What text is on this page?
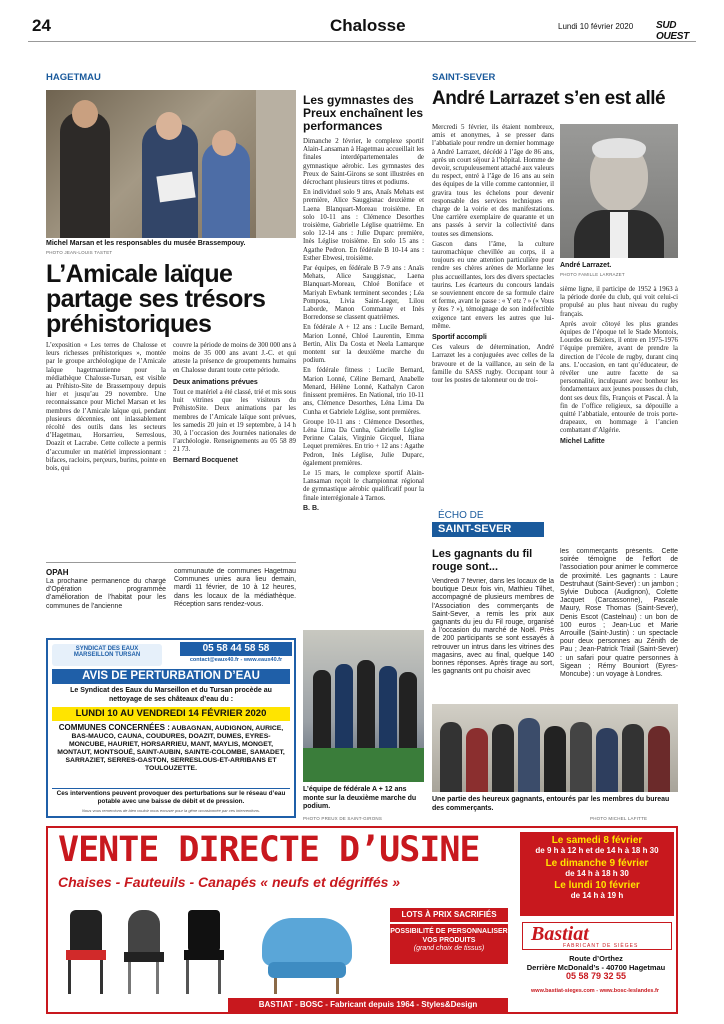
24	Chalosse	Lundi 10 février 2020 SUD OUEST
HAGETMAU
Michel Marsan et les responsables du musée Brassempouy.
PHOTO JEAN-LOUIS TASTET
L’Amicale laïque partage ses trésors préhistoriques
L’exposition « Les terres de Chalosse et leurs richesses préhistoriques », montée par le groupe archéologique de l’Amicale laïque hagetmautienne pour la médiathèque Chalosse-Tursan, est visible au Préhisto-Site de Brassempouy depuis hier et jusqu’au 29 novembre. Une reconnaissance pour Michel Marsan et les membres de l’Amicale laïque qui, pendant plusieurs décennies, ont inlassablement récolté des outils dans les secteurs d’Hagetmau, Horsarrieu, Serreslous, Doazit et Lacrabe. Cette collecte a permis d’accumuler un matériel impressionnant : bifaces, racloirs, perçeurs, burins, pointe en bois, qui

couvre la période de moins de 300 000 ans à moins de 35 000 ans avant J.-C. et qui atteste la présence de groupements humains en Chalosse durant toute cette période.

Deux animations prévues

Tout ce matériel a été classé, trié et mis sous huit vitrines que les visiteurs du PréhistoSite. Deux animations par les membres de l’Amicale laïque sont prévues, les samedis 20 juin et 19 septembre, à 14 h 30, à l’occasion des Journées nationales de l’archéologie. Renseignements au 05 58 89 21 73.

Bernard Bocquenet

OPAH
La prochaine permanence du chargé d’Opération programmée d’amélioration de l’habitat pour les communes de l’ancienne
communauté de communes Hagetmau Communes unies aura lieu demain, mardi 11 février, de 10 à 12 heures, dans les locaux de la médiathèque. Réception sans rendez-vous.
SYNDICAT DES EAUX
MARSEILLON TURSAN
05 58 44 58 58
contact@eaux40.fr - www.eaux40.fr
AVIS DE PERTURBATION D’EAU
Le Syndicat des Eaux du Marseillon et du Tursan procède au nettoyage de ses châteaux d’eau du :
LUNDI 10 AU VENDREDI 14 FÉVRIER 2020
COMMUNES CONCERNÉES : AUBAGNAN, AUDIGNON, AURICE, BAS-MAUCO, CAUNA, COUDURES, DOAZIT, DUMES, EYRES-MONCUBE, HAURIET, HORSARRIEU, MANT, MAYLIS, MONGET, MONTAUT, MONTSOUÉ, SAINT-AUBIN, SAINTE-COLOMBE, SAMADET, SARRAZIET, SERRES-GASTON, SERRESLOUS-ET-ARRIBANS ET TOULOUZETTE.
Ces interventions peuvent provoquer des perturbations sur le réseau d’eau potable avec une baisse de débit et de pression.
Nous vous remercions de bien vouloir nous excuser pour la gêne occasionnée par ces interventions.
Les gymnastes des Preux enchaînent les performances

Dimanche 2 février, le complexe sportif Alain-Lansaman à Hagetmau accueillait les finales interdépartementales de gymnastique aérobic. Les gymnastes des Preux de Saint-Girons se sont illustrées en décrochant plusieurs titres et podiums.

En individuel solo 9 ans, Anaïs Mehats est première, Alice Sauggisnac deuxième et Laena Blanquart-Moreau troisième. En solo 10-11 ans : Clémence Desorthes troisième, Gabrielle Léglise quatrième. En solo 12-14 ans : Julie Duparc première, Inès Léglise troisième. En solo 15 ans : Agathe Pedron. En fédérale B 10-14 ans : Esther Ebwesi, troisième.

Par équipes, en fédérale B 7-9 ans : Anaïs Mehats, Alice Sauggisnac, Laena Blanquart-Moreau, Chloé Boniface et Mariyah Ewbank terminent secondes ; Léa Pomposa, Livia Saint-Leger, Lilou Laborde, Manon Commanay et Inès Borredonse se classent quatrièmes.

En fédérale A + 12 ans : Lucile Bernard, Marion Lonné, Chloé Laurentin, Emma Bertin, Alix Da Costa et Neela Lamarque montent sur la deuxième marche du podium.

En fédérale fitness : Lucile Bernard, Marion Lonné, Céline Bernard, Anabelle Menard, Hélène Lonné, Kathalyn Caron finissent premières. En National, trio 10-11 ans, Clémence Desorthes, Léna Lima Da Cunha et Gabriele Léglise, sont premières.

Groupe 10-11 ans : Clémence Desorthes, Léna Lima Da Cunha, Gabrielle Léglise Perinne Calais, Virginie Gicquel, Iliana Lequet premières. En trio + 12 ans : Agathe Pedron, Inès Léglise, Julie Duparc, également premières.

Le 15 mars, le complexe sportif Alain-Lansaman reçoit le championnat régional de gymnastique aérobic qualificatif pour la finale interrégionale à Tarnos.

B. B.

L’équipe de fédérale A + 12 ans monte sur la deuxième marche du podium.
PHOTO PREUX DE SAINT-GIRONS
SAINT-SEVER
André Larrazet s’en est allé

Mercredi 5 février, ils étaient nombreux, amis et anonymes, à se presser dans l’abbatiale pour rendre un dernier hommage à André Larrazet, décédé à l’âge de 86 ans, après un court séjour à l’hôpital. Homme de devoir, scrupuleusement attaché aux valeurs du respect, entré à l’âge de 16 ans au sein des équipes de la ville comme cantonnier, il gravira tous les échelons pour devenir responsable des services techniques en charge de la voirie et des manifestations. Une carrière exemplaire de quarante et un ans passés à servir la collectivité dans toutes ses dimensions.

Gascon dans l’âme, la culture tauromachique chevillée au corps, il a toujours eu une attention particulière pour rendre ses chères arènes de Morlanne les plus accueillantes, lors des divers spectacles taurins. Les écarteurs du concours landais se souviennent encore de sa formule claire et ferme, avant le passe : « Y etz ? » (« Vous y êtes ? »), témoignage de son indéfectible exigence tant envers les autres que lui-même.

Sportif accompli

Ces valeurs de détermination, André Larrazet les a conjuguées avec celles de la bravoure et de la vaillance, au sein de la famille du SASS rugby. Occupant tour à tour les postes de talonneur ou de troi-

André Larrazet.
PHOTO FAMILLE LARRAZET

sième ligne, il participe de 1952 à 1963 à la période dorée du club, qui voit celui-ci propulsé au plus haut niveau du rugby français.

Après avoir côtoyé les plus grandes équipes de l’époque tel le Stade Montois, Lourdes ou Béziers, il entre en 1975-1976 l’équipe première, avant de prendre la direction de l’école de rugby, durant cinq ans. L’occasion, en tant qu’éducateur, de révéler une autre facette de sa personnalité, inculquant avec bonheur les fondamentaux aux jeunes pousses du club, dont ses deux fils, François et Pascal. À la fin de l’office religieux, sa dépouille a quitté l’abbatiale, entourée de trois porte-drapeaux, en hommage à l’ancien combattant d’Algérie.

Michel Lafitte

ÉCHO DE
SAINT-SEVER
Les gagnants du fil rouge sont...
Vendredi 7 février, dans les locaux de la boutique Deux fois vin, Mathieu Tilhet, accompagné de plusieurs membres de l’Association des commerçants de Saint-Sever, a remis les prix aux gagnants du jeu du Fil rouge, organisé à l’occasion du marché de Noël. Près de 200 participants se sont essayés à retrouver un intrus dans les vitrines des magasins, avec au final, quelque 140 bonnes réponses. Après tirage au sort, les gagnants ont pu choisir avec
les commerçants présents. Cette soirée témoigne de l’effort de l’association pour animer le commerce de proximité. Les gagnants : Laure Destruhaut (Saint-Sever) : un jambon ; Sylvie Duboca (Audignon), Colette Jacquet (Carcassonne), Pascale Maury, Rose Thomas (Saint-Sever), Denis Escot (Castelnau) : un bon de 100 euros ; Jean-Luc et Marie Arrouille (Saint-Justin) : un spectacle pour deux personnes au Zénith de Pau ; Jean-Patrick Triail (Saint-Sever) : un safari pour quatre personnes à Sigean ; Rémy Bouniort (Eyres-Moncube) : un voyage à Londres.
Une partie des heureux gagnants, entourés par les membres du bureau des commerçants.
PHOTO MICHEL LAFITTE
VENTE DIRECTE D’USINE
Chaises - Fauteuils - Canapés « neufs et dégriffés »
Le samedi 8 février
de 9 h à 12 h et de 14 h à 18 h 30
Le dimanche 9 février
de 14 h à 18 h 30
Le lundi 10 février
de 14 h à 19 h
LOTS À PRIX SACRIFIÉS
POSSIBILITÉ DE PERSONNALISER VOS PRODUITS
(grand choix de tissus)
Bastiat
FABRICANT DE SIÈGES
Route d’Orthez
Derrière McDonald’s - 40700 Hagetmau
05 58 79 32 55
www.bastiat-sieges.com - www.bosc-leslandes.fr
BASTIAT - BOSC - Fabricant depuis 1964 - Styles&Design
